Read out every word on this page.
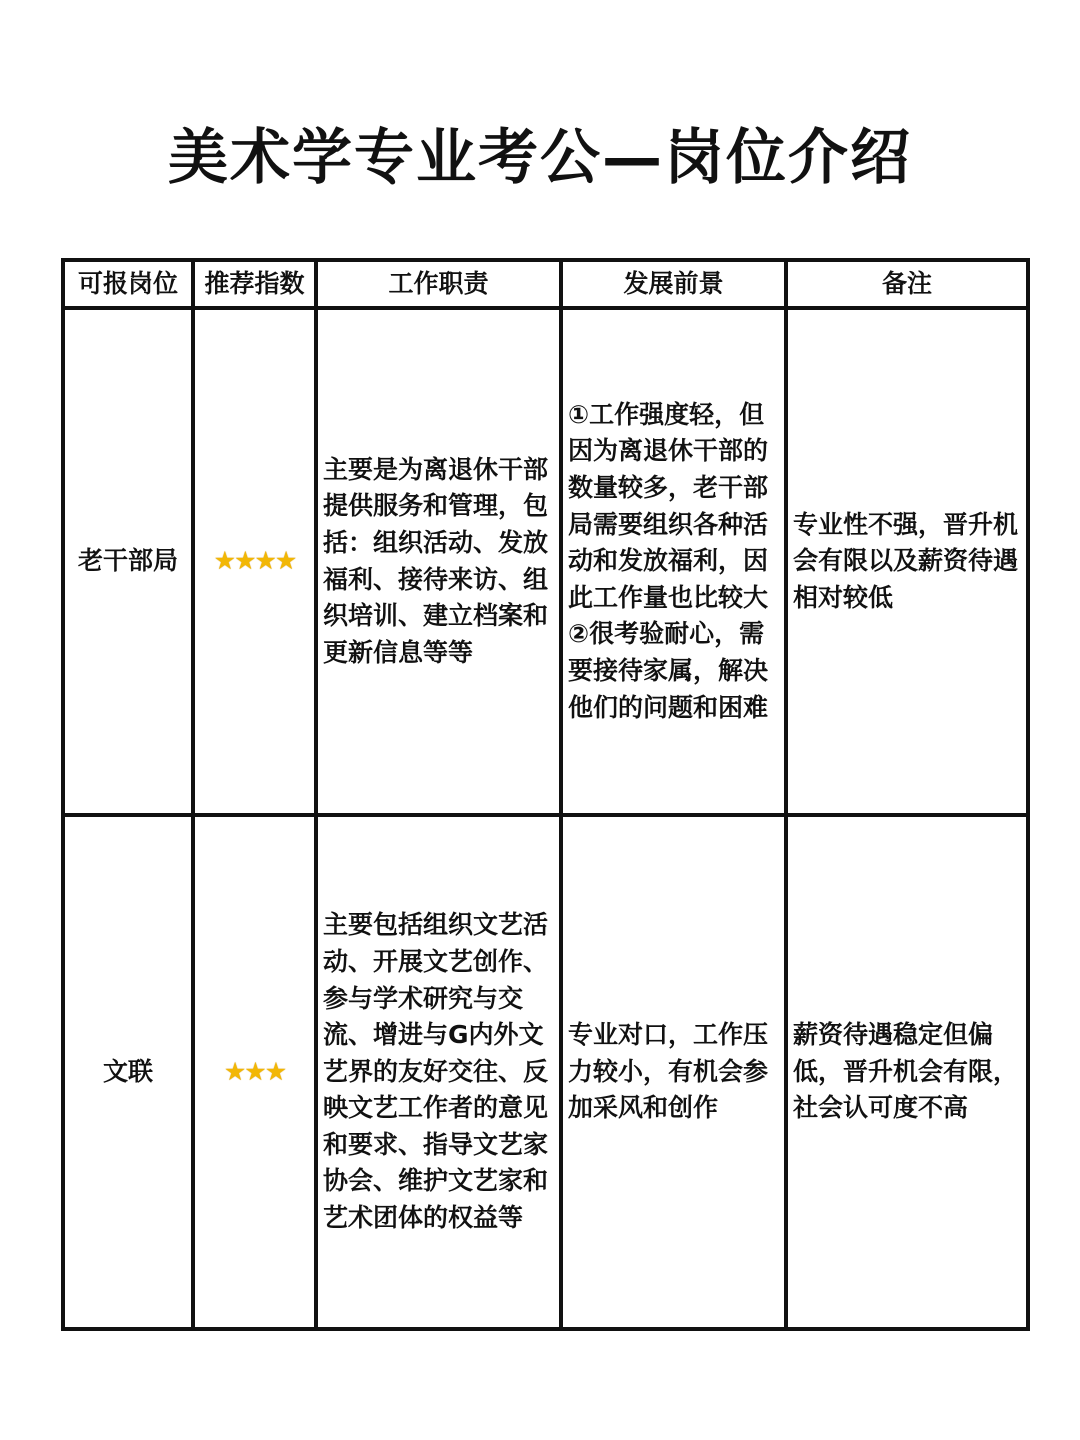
美术学专业考公—岗位介绍
可报岗位	推荐指数	工作职责	发展前景	备注
老干部局	★★★★	主要是为离退休干部提供服务和管理，包括：组织活动、发放福利、接待来访、组织培训、建立档案和更新信息等等	①工作强度轻，但因为离退休干部的数量较多，老干部局需要组织各种活动和发放福利，因此工作量也比较大②很考验耐心，需要接待家属，解决他们的问题和困难	专业性不强，晋升机会有限以及薪资待遇相对较低

文联	★★★	主要包括组织文艺活动、开展文艺创作、参与学术研究与交流、增进与G内外文艺界的友好交往、反映文艺工作者的意见和要求、指导文艺家协会、维护文艺家和艺术团体的权益等	专业对口，工作压力较小，有机会参加采风和创作	薪资待遇稳定但偏低，晋升机会有限，社会认可度不高
